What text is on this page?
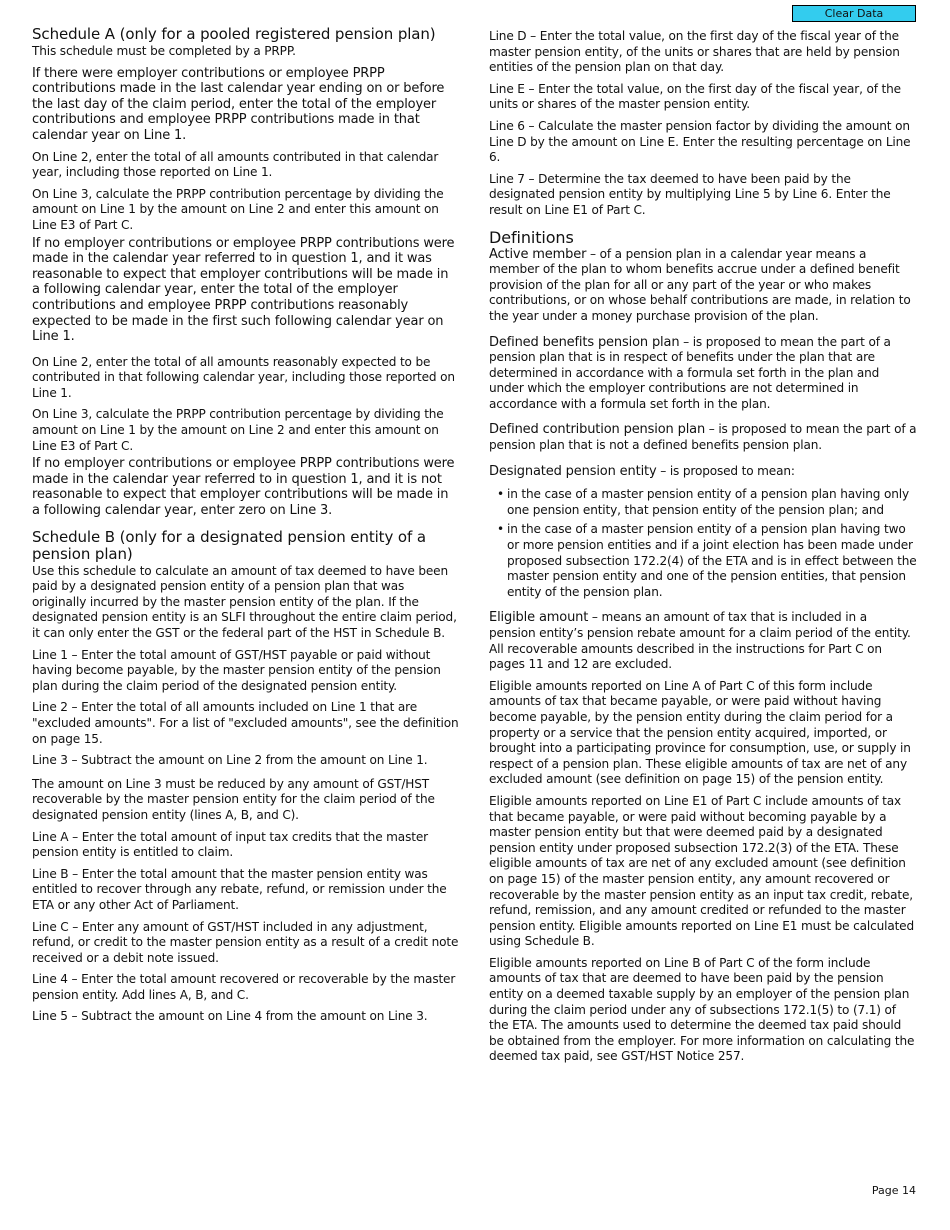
Clear Data
Schedule A (only for a pooled registered pension plan)

This schedule must be completed by a PRPP.

If there were employer contributions or employee PRPP contributions made in the last calendar year ending on or before the last day of the claim period, enter the total of the employer contributions and employee PRPP contributions made in that calendar year on Line 1.

On Line 2, enter the total of all amounts contributed in that calendar year, including those reported on Line 1.

On Line 3, calculate the PRPP contribution percentage by dividing the amount on Line 1 by the amount on Line 2 and enter this amount on Line E3 of Part C.

If no employer contributions or employee PRPP contributions were made in the calendar year referred to in question 1, and it was reasonable to expect that employer contributions will be made in a following calendar year, enter the total of the employer contributions and employee PRPP contributions reasonably expected to be made in the first such following calendar year on Line 1.

On Line 2, enter the total of all amounts reasonably expected to be contributed in that following calendar year, including those reported on Line 1.

On Line 3, calculate the PRPP contribution percentage by dividing the amount on Line 1 by the amount on Line 2 and enter this amount on Line E3 of Part C.

If no employer contributions or employee PRPP contributions were made in the calendar year referred to in question 1, and it is not reasonable to expect that employer contributions will be made in a following calendar year, enter zero on Line 3.

Schedule B (only for a designated pension entity of a pension plan)

Use this schedule to calculate an amount of tax deemed to have been paid by a designated pension entity of a pension plan that was originally incurred by the master pension entity of the plan. If the designated pension entity is an SLFI throughout the entire claim period, it can only enter the GST or the federal part of the HST in Schedule B.

Line 1 – Enter the total amount of GST/HST payable or paid without having become payable, by the master pension entity of the pension plan during the claim period of the designated pension entity.

Line 2 – Enter the total of all amounts included on Line 1 that are "excluded amounts". For a list of "excluded amounts", see the definition on page 15.

Line 3 – Subtract the amount on Line 2 from the amount on Line 1.

The amount on Line 3 must be reduced by any amount of GST/HST recoverable by the master pension entity for the claim period of the designated pension entity (lines A, B, and C).

Line A – Enter the total amount of input tax credits that the master pension entity is entitled to claim.

Line B – Enter the total amount that the master pension entity was entitled to recover through any rebate, refund, or remission under the ETA or any other Act of Parliament.

Line C – Enter any amount of GST/HST included in any adjustment, refund, or credit to the master pension entity as a result of a credit note received or a debit note issued.

Line 4 – Enter the total amount recovered or recoverable by the master pension entity. Add lines A, B, and C.

Line 5 – Subtract the amount on Line 4 from the amount on Line 3.

Line D – Enter the total value, on the first day of the fiscal year of the master pension entity, of the units or shares that are held by pension entities of the pension plan on that day.

Line E – Enter the total value, on the first day of the fiscal year, of the units or shares of the master pension entity.

Line 6 – Calculate the master pension factor by dividing the amount on Line D by the amount on Line E. Enter the resulting percentage on Line 6.

Line 7 – Determine the tax deemed to have been paid by the designated pension entity by multiplying Line 5 by Line 6. Enter the result on Line E1 of Part C.

Definitions

Active member – of a pension plan in a calendar year means a member of the plan to whom benefits accrue under a defined benefit provision of the plan for all or any part of the year or who makes contributions, or on whose behalf contributions are made, in relation to the year under a money purchase provision of the plan.

Defined benefits pension plan – is proposed to mean the part of a pension plan that is in respect of benefits under the plan that are determined in accordance with a formula set forth in the plan and under which the employer contributions are not determined in accordance with a formula set forth in the plan.

Defined contribution pension plan – is proposed to mean the part of a pension plan that is not a defined benefits pension plan.

Designated pension entity – is proposed to mean:

• in the case of a master pension entity of a pension plan having only one pension entity, that pension entity of the pension plan; and
• in the case of a master pension entity of a pension plan having two or more pension entities and if a joint election has been made under proposed subsection 172.2(4) of the ETA and is in effect between the master pension entity and one of the pension entities, that pension entity of the pension plan.

Eligible amount – means an amount of tax that is included in a pension entity’s pension rebate amount for a claim period of the entity. All recoverable amounts described in the instructions for Part C on pages 11 and 12 are excluded.

Eligible amounts reported on Line A of Part C of this form include amounts of tax that became payable, or were paid without having become payable, by the pension entity during the claim period for a property or a service that the pension entity acquired, imported, or brought into a participating province for consumption, use, or supply in respect of a pension plan. These eligible amounts of tax are net of any excluded amount (see definition on page 15) of the pension entity.

Eligible amounts reported on Line E1 of Part C include amounts of tax that became payable, or were paid without becoming payable by a master pension entity but that were deemed paid by a designated pension entity under proposed subsection 172.2(3) of the ETA. These eligible amounts of tax are net of any excluded amount (see definition on page 15) of the master pension entity, any amount recovered or recoverable by the master pension entity as an input tax credit, rebate, refund, remission, and any amount credited or refunded to the master pension entity. Eligible amounts reported on Line E1 must be calculated using Schedule B.

Eligible amounts reported on Line B of Part C of the form include amounts of tax that are deemed to have been paid by the pension entity on a deemed taxable supply by an employer of the pension plan during the claim period under any of subsections 172.1(5) to (7.1) of the ETA. The amounts used to determine the deemed tax paid should be obtained from the employer. For more information on calculating the deemed tax paid, see GST/HST Notice 257.

Page 14
